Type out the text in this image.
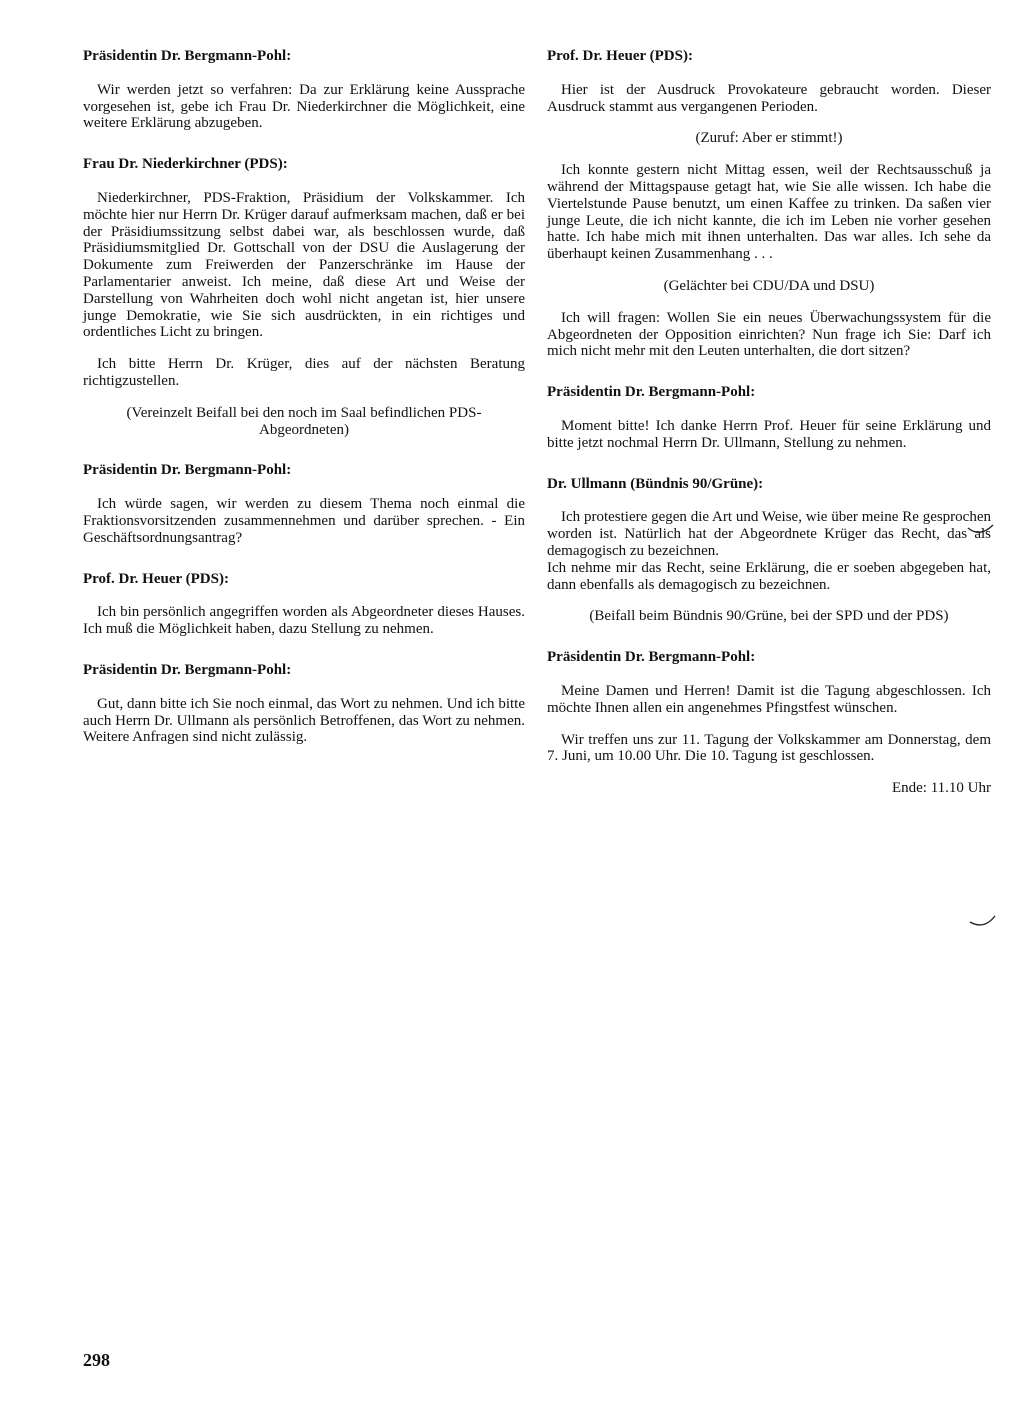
Präsidentin Dr. Bergmann-Pohl:

Wir werden jetzt so verfahren: Da zur Erklärung keine Aussprache vorgesehen ist, gebe ich Frau Dr. Niederkirchner die Möglichkeit, eine weitere Erklärung abzugeben.

Frau Dr. Niederkirchner (PDS):

Niederkirchner, PDS-Fraktion, Präsidium der Volkskammer. Ich möchte hier nur Herrn Dr. Krüger darauf aufmerksam machen, daß er bei der Präsidiumssitzung selbst dabei war, als beschlossen wurde, daß Präsidiumsmitglied Dr. Gottschall von der DSU die Auslagerung der Dokumente zum Freiwerden der Panzerschränke im Hause der Parlamentarier anweist. Ich meine, daß diese Art und Weise der Darstellung von Wahrheiten doch wohl nicht angetan ist, hier unsere junge Demokratie, wie Sie sich ausdrückten, in ein richtiges und ordentliches Licht zu bringen.

Ich bitte Herrn Dr. Krüger, dies auf der nächsten Beratung richtigzustellen.

(Vereinzelt Beifall bei den noch im Saal befindlichen PDS-Abgeordneten)

Präsidentin Dr. Bergmann-Pohl:

Ich würde sagen, wir werden zu diesem Thema noch einmal die Fraktionsvorsitzenden zusammennehmen und darüber sprechen. - Ein Geschäftsordnungsantrag?

Prof. Dr. Heuer (PDS):

Ich bin persönlich angegriffen worden als Abgeordneter dieses Hauses. Ich muß die Möglichkeit haben, dazu Stellung zu nehmen.

Präsidentin Dr. Bergmann-Pohl:

Gut, dann bitte ich Sie noch einmal, das Wort zu nehmen. Und ich bitte auch Herrn Dr. Ullmann als persönlich Betroffenen, das Wort zu nehmen. Weitere Anfragen sind nicht zulässig.

Prof. Dr. Heuer (PDS):

Hier ist der Ausdruck Provokateure gebraucht worden. Dieser Ausdruck stammt aus vergangenen Perioden.

(Zuruf: Aber er stimmt!)

Ich konnte gestern nicht Mittag essen, weil der Rechtsausschuß ja während der Mittagspause getagt hat, wie Sie alle wissen. Ich habe die Viertelstunde Pause benutzt, um einen Kaffee zu trinken. Da saßen vier junge Leute, die ich nicht kannte, die ich im Leben nie vorher gesehen hatte. Ich habe mich mit ihnen unterhalten. Das war alles. Ich sehe da überhaupt keinen Zusammenhang . . .

(Gelächter bei CDU/DA und DSU)

Ich will fragen: Wollen Sie ein neues Überwachungssystem für die Abgeordneten der Opposition einrichten? Nun frage ich Sie: Darf ich mich nicht mehr mit den Leuten unterhalten, die dort sitzen?

Präsidentin Dr. Bergmann-Pohl:

Moment bitte! Ich danke Herrn Prof. Heuer für seine Erklärung und bitte jetzt nochmal Herrn Dr. Ullmann, Stellung zu nehmen.

Dr. Ullmann (Bündnis 90/Grüne):

Ich protestiere gegen die Art und Weise, wie über meine Re gesprochen worden ist. Natürlich hat der Abgeordnete Krüger das Recht, das als demagogisch zu bezeichnen.

Ich nehme mir das Recht, seine Erklärung, die er soeben abgegeben hat, dann ebenfalls als demagogisch zu bezeichnen.

(Beifall beim Bündnis 90/Grüne, bei der SPD und der PDS)

Präsidentin Dr. Bergmann-Pohl:

Meine Damen und Herren! Damit ist die Tagung abgeschlossen. Ich möchte Ihnen allen ein angenehmes Pfingstfest wünschen.

Wir treffen uns zur 11. Tagung der Volkskammer am Donnerstag, dem 7. Juni, um 10.00 Uhr. Die 10. Tagung ist geschlossen.

Ende: 11.10 Uhr

298
